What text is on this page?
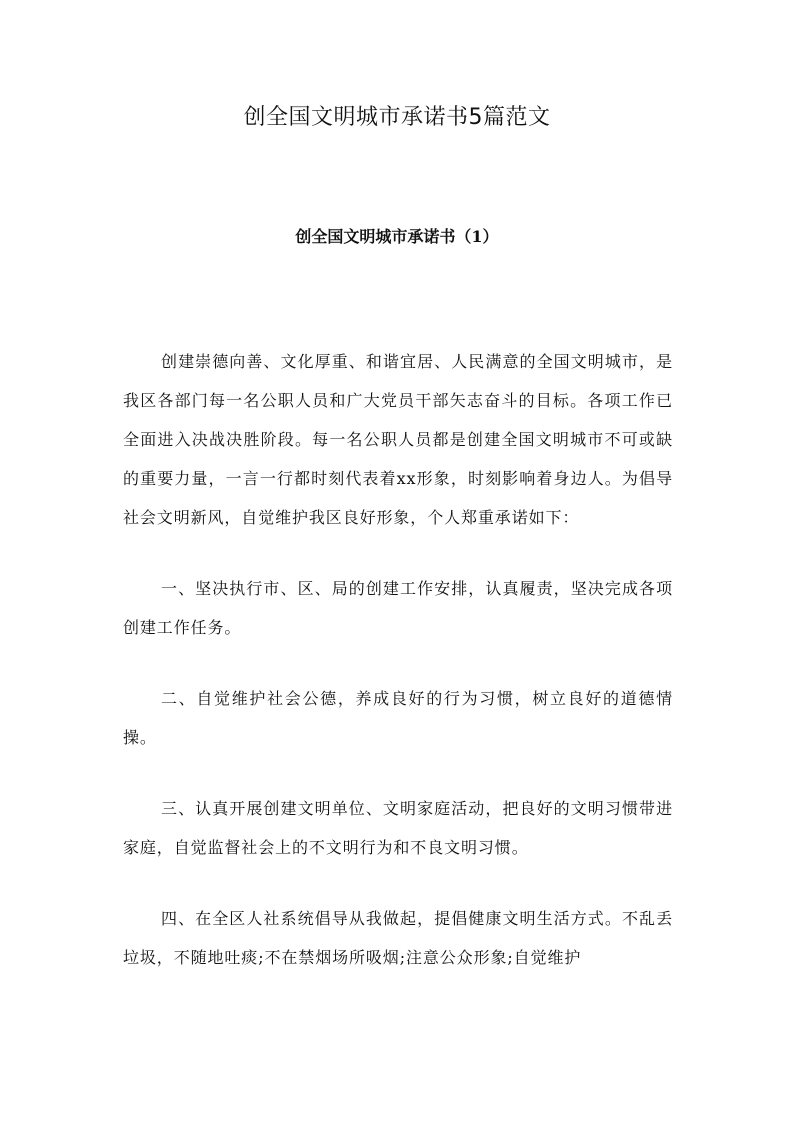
创全国文明城市承诺书5篇范文
创全国文明城市承诺书（1）

创建崇德向善、文化厚重、和谐宜居、人民满意的全国文明城市，是我区各部门每一名公职人员和广大党员干部矢志奋斗的目标。各项工作已全面进入决战决胜阶段。每一名公职人员都是创建全国文明城市不可或缺的重要力量，一言一行都时刻代表着xx形象，时刻影响着身边人。为倡导社会文明新风，自觉维护我区良好形象，个人郑重承诺如下：

一、坚决执行市、区、局的创建工作安排，认真履责，坚决完成各项创建工作任务。

二、自觉维护社会公德，养成良好的行为习惯，树立良好的道德情操。

三、认真开展创建文明单位、文明家庭活动，把良好的文明习惯带进家庭，自觉监督社会上的不文明行为和不良文明习惯。

四、在全区人社系统倡导从我做起，提倡健康文明生活方式。不乱丢垃圾，不随地吐痰;不在禁烟场所吸烟;注意公众形象;自觉维护
